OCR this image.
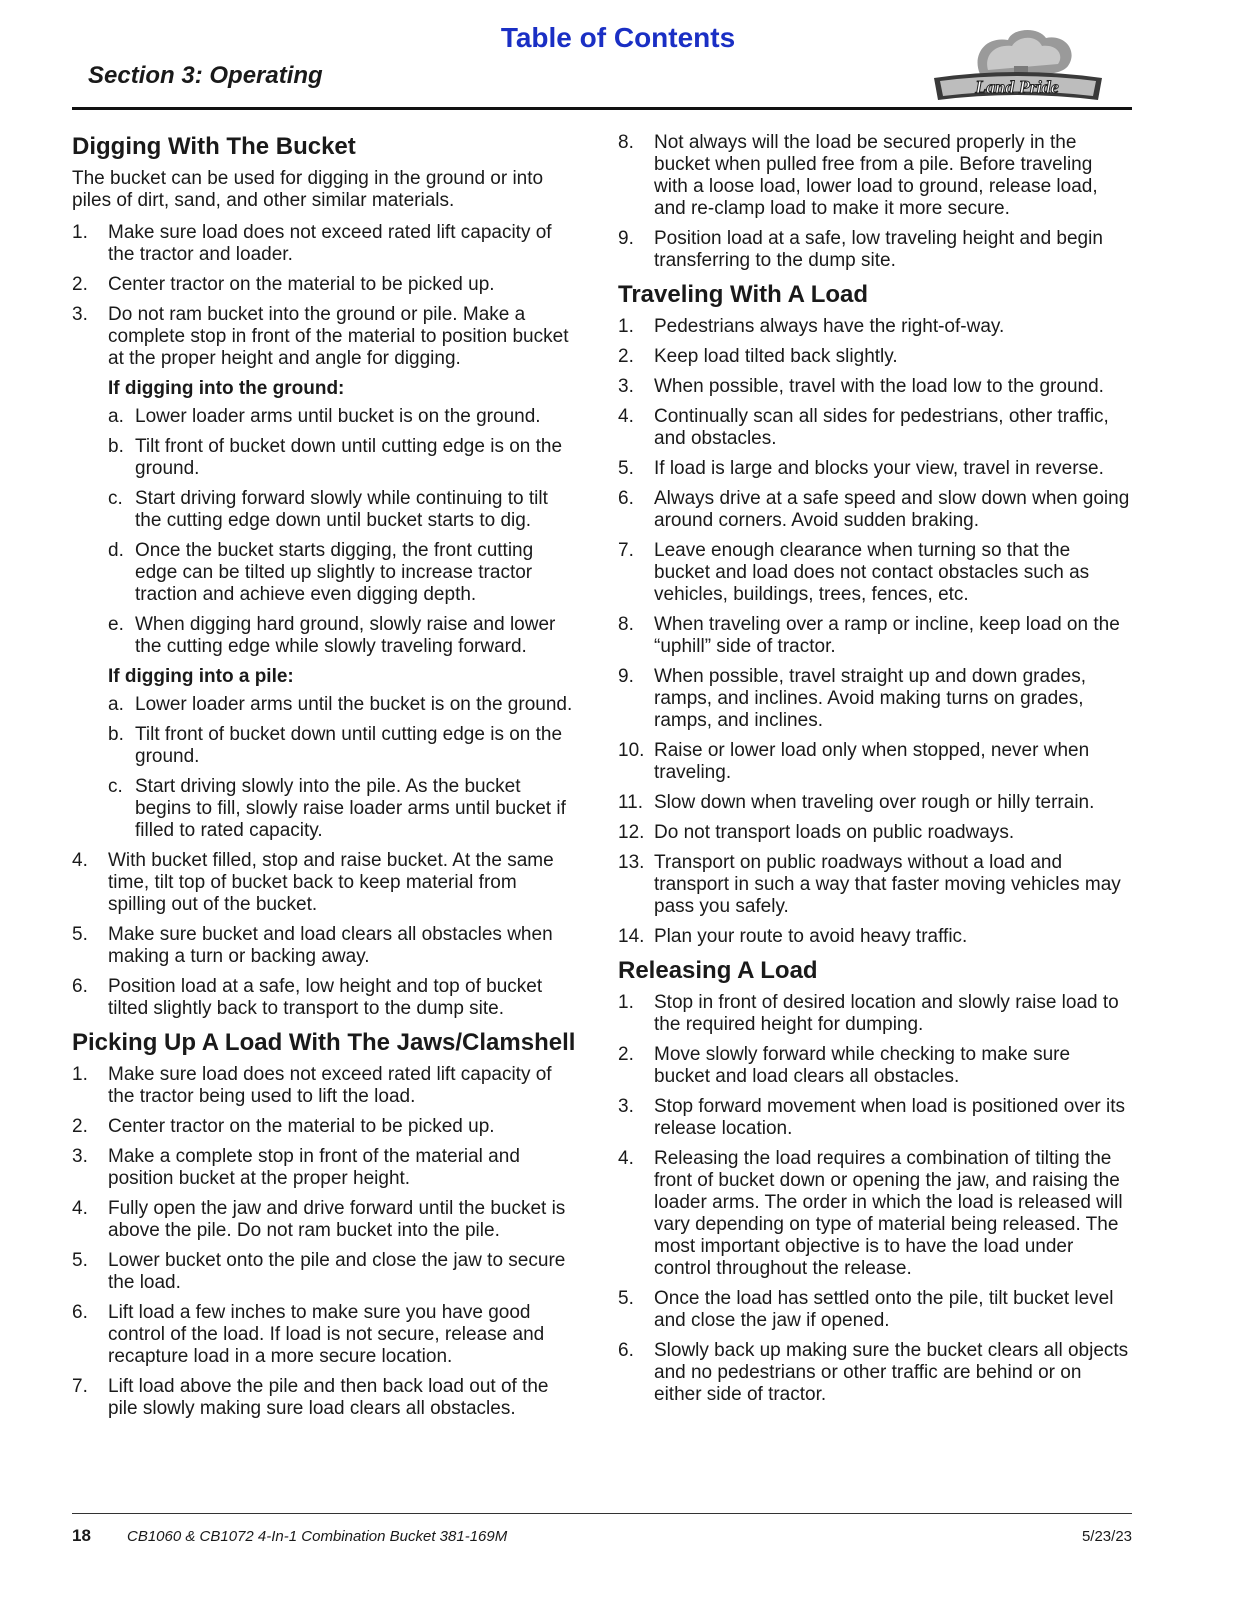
Table of Contents
Section 3: Operating	Land Pride
Digging With The Bucket

The bucket can be used for digging in the ground or into piles of dirt, sand, and other similar materials.

1. Make sure load does not exceed rated lift capacity of the tractor and loader.
2. Center tractor on the material to be picked up.
3. Do not ram bucket into the ground or pile. Make a complete stop in front of the material to position bucket at the proper height and angle for digging.
If digging into the ground:
a. Lower loader arms until bucket is on the ground.
b. Tilt front of bucket down until cutting edge is on the ground.
c. Start driving forward slowly while continuing to tilt the cutting edge down until bucket starts to dig.
d. Once the bucket starts digging, the front cutting edge can be tilted up slightly to increase tractor traction and achieve even digging depth.
e. When digging hard ground, slowly raise and lower the cutting edge while slowly traveling forward.
If digging into a pile:
a. Lower loader arms until the bucket is on the ground.
b. Tilt front of bucket down until cutting edge is on the ground.
c. Start driving slowly into the pile. As the bucket begins to fill, slowly raise loader arms until bucket if filled to rated capacity.
4. With bucket filled, stop and raise bucket. At the same time, tilt top of bucket back to keep material from spilling out of the bucket.
5. Make sure bucket and load clears all obstacles when making a turn or backing away.
6. Position load at a safe, low height and top of bucket tilted slightly back to transport to the dump site.
Picking Up A Load With The Jaws/Clamshell
1. Make sure load does not exceed rated lift capacity of the tractor being used to lift the load.
2. Center tractor on the material to be picked up.
3. Make a complete stop in front of the material and position bucket at the proper height.
4. Fully open the jaw and drive forward until the bucket is above the pile. Do not ram bucket into the pile.
5. Lower bucket onto the pile and close the jaw to secure the load.
6. Lift load a few inches to make sure you have good control of the load. If load is not secure, release and recapture load in a more secure location.
7. Lift load above the pile and then back load out of the pile slowly making sure load clears all obstacles.
8. Not always will the load be secured properly in the bucket when pulled free from a pile. Before traveling with a loose load, lower load to ground, release load, and re-clamp load to make it more secure.
9. Position load at a safe, low traveling height and begin transferring to the dump site.
Traveling With A Load
1. Pedestrians always have the right-of-way.
2. Keep load tilted back slightly.
3. When possible, travel with the load low to the ground.
4. Continually scan all sides for pedestrians, other traffic, and obstacles.
5. If load is large and blocks your view, travel in reverse.
6. Always drive at a safe speed and slow down when going around corners. Avoid sudden braking.
7. Leave enough clearance when turning so that the bucket and load does not contact obstacles such as vehicles, buildings, trees, fences, etc.
8. When traveling over a ramp or incline, keep load on the “uphill” side of tractor.
9. When possible, travel straight up and down grades, ramps, and inclines. Avoid making turns on grades, ramps, and inclines.
10. Raise or lower load only when stopped, never when traveling.
11. Slow down when traveling over rough or hilly terrain.
12. Do not transport loads on public roadways.
13. Transport on public roadways without a load and transport in such a way that faster moving vehicles may pass you safely.
14. Plan your route to avoid heavy traffic.
Releasing A Load
1. Stop in front of desired location and slowly raise load to the required height for dumping.
2. Move slowly forward while checking to make sure bucket and load clears all obstacles.
3. Stop forward movement when load is positioned over its release location.
4. Releasing the load requires a combination of tilting the front of bucket down or opening the jaw, and raising the loader arms. The order in which the load is released will vary depending on type of material being released. The most important objective is to have the load under control throughout the release.
5. Once the load has settled onto the pile, tilt bucket level and close the jaw if opened.
6. Slowly back up making sure the bucket clears all objects and no pedestrians or other traffic are behind or on either side of tractor.
18 CB1060 & CB1072 4-In-1 Combination Bucket 381-169M	5/23/23
